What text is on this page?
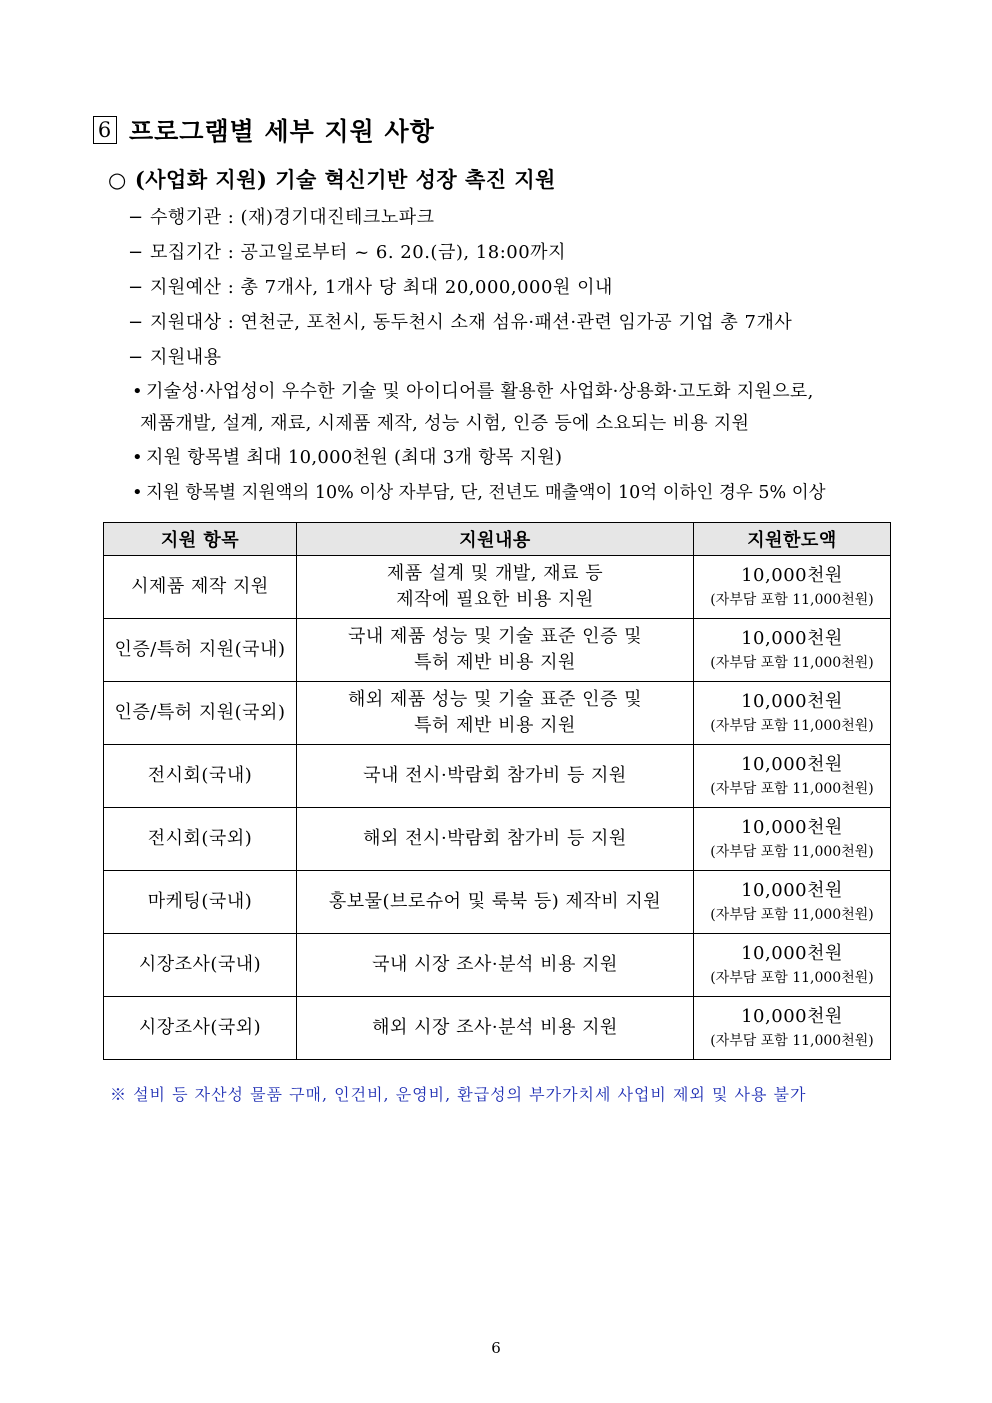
6 프로그램별 세부 지원 사항
○ (사업화 지원) 기술 혁신기반 성장 촉진 지원
− 수행기관 : (재)경기대진테크노파크
− 모집기간 : 공고일로부터 ~ 6. 20.(금), 18:00까지
− 지원예산 : 총 7개사, 1개사 당 최대 20,000,000원 이내
− 지원대상 : 연천군, 포천시, 동두천시 소재 섬유·패션·관련 임가공 기업 총 7개사
− 지원내용
• 기술성·사업성이 우수한 기술 및 아이디어를 활용한 사업화·상용화·고도화 지원으로,
제품개발, 설계, 재료, 시제품 제작, 성능 시험, 인증 등에 소요되는 비용 지원
• 지원 항목별 최대 10,000천원 (최대 3개 항목 지원)
• 지원 항목별 지원액의 10% 이상 자부담, 단, 전년도 매출액이 10억 이하인 경우 5% 이상
지원 항목	지원내용	지원한도액
시제품 제작 지원	제품 설계 및 개발, 재료 등
제작에 필요한 비용 지원	10,000천원
(자부담 포함 11,000천원)

인증/특허 지원(국내)	국내 제품 성능 및 기술 표준 인증 및
특허 제반 비용 지원	10,000천원
(자부담 포함 11,000천원)

인증/특허 지원(국외)	해외 제품 성능 및 기술 표준 인증 및
특허 제반 비용 지원	10,000천원
(자부담 포함 11,000천원)

전시회(국내)	국내 전시·박람회 참가비 등 지원	10,000천원
(자부담 포함 11,000천원)

전시회(국외)	해외 전시·박람회 참가비 등 지원	10,000천원
(자부담 포함 11,000천원)

마케팅(국내)	홍보물(브로슈어 및 룩북 등) 제작비 지원	10,000천원
(자부담 포함 11,000천원)

시장조사(국내)	국내 시장 조사·분석 비용 지원	10,000천원
(자부담 포함 11,000천원)

시장조사(국외)	해외 시장 조사·분석 비용 지원	10,000천원
(자부담 포함 11,000천원)
※ 설비 등 자산성 물품 구매, 인건비, 운영비, 환급성의 부가가치세 사업비 제외 및 사용 불가
6
